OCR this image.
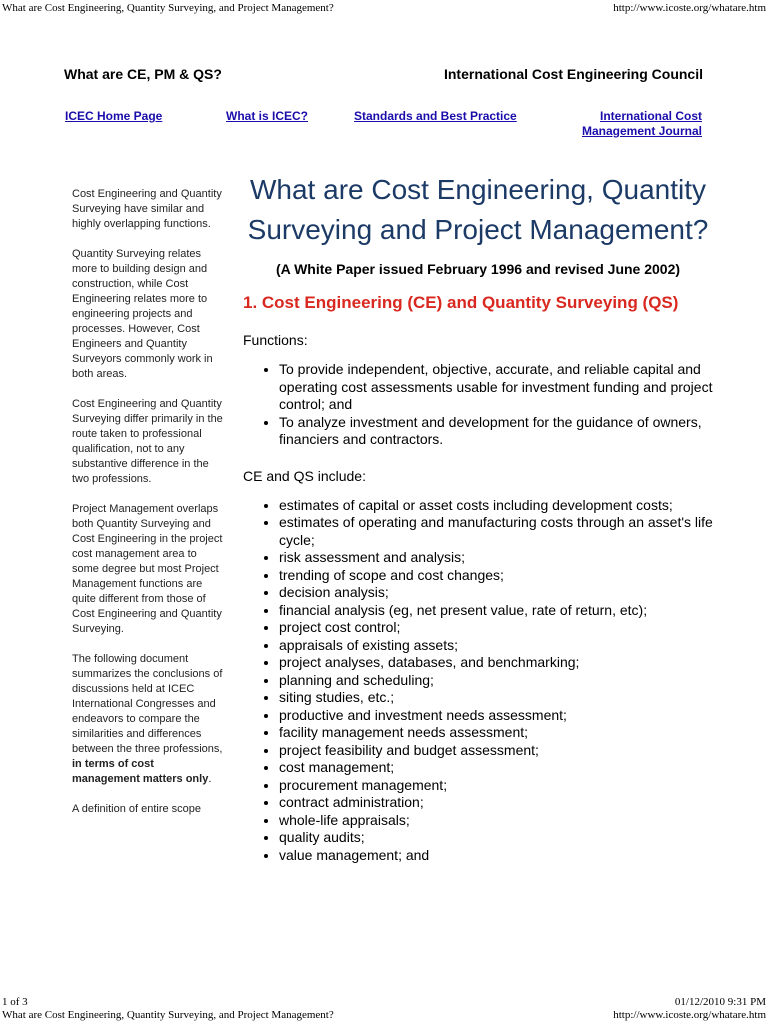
What are Cost Engineering, Quantity Surveying, and Project Management?	http://www.icoste.org/whatare.htm
What are CE, PM & QS?	International Cost Engineering Council
ICEC Home Page	What is ICEC?	Standards and Best Practice	International Cost
Management Journal

Cost Engineering and Quantity Surveying have similar and highly overlapping functions.

Quantity Surveying relates more to building design and construction, while Cost Engineering relates more to engineering projects and processes. However, Cost Engineers and Quantity Surveyors commonly work in both areas.

Cost Engineering and Quantity Surveying differ primarily in the route taken to professional qualification, not to any substantive difference in the two professions.

Project Management overlaps both Quantity Surveying and Cost Engineering in the project cost management area to some degree but most Project Management functions are quite different from those of Cost Engineering and Quantity Surveying.

The following document summarizes the conclusions of discussions held at ICEC International Congresses and endeavors to compare the similarities and differences between the three professions, in terms of cost management matters only.

A definition of entire scope

What are Cost Engineering, Quantity Surveying and Project Management?

(A White Paper issued February 1996 and revised June 2002)

1. Cost Engineering (CE) and Quantity Surveying (QS)

Functions:

• To provide independent, objective, accurate, and reliable capital and operating cost assessments usable for investment funding and project control; and
• To analyze investment and development for the guidance of owners, financiers and contractors.

CE and QS include:

• estimates of capital or asset costs including development costs;
• estimates of operating and manufacturing costs through an asset's life cycle;
• risk assessment and analysis;
• trending of scope and cost changes;
• decision analysis;
• financial analysis (eg, net present value, rate of return, etc);
• project cost control;
• appraisals of existing assets;
• project analyses, databases, and benchmarking;
• planning and scheduling;
• siting studies, etc.;
• productive and investment needs assessment;
• facility management needs assessment;
• project feasibility and budget assessment;
• cost management;
• procurement management;
• contract administration;
• whole-life appraisals;
• quality audits;
• value management; and
1 of 3	01/12/2010 9:31 PM
What are Cost Engineering, Quantity Surveying, and Project Management?	http://www.icoste.org/whatare.htm
